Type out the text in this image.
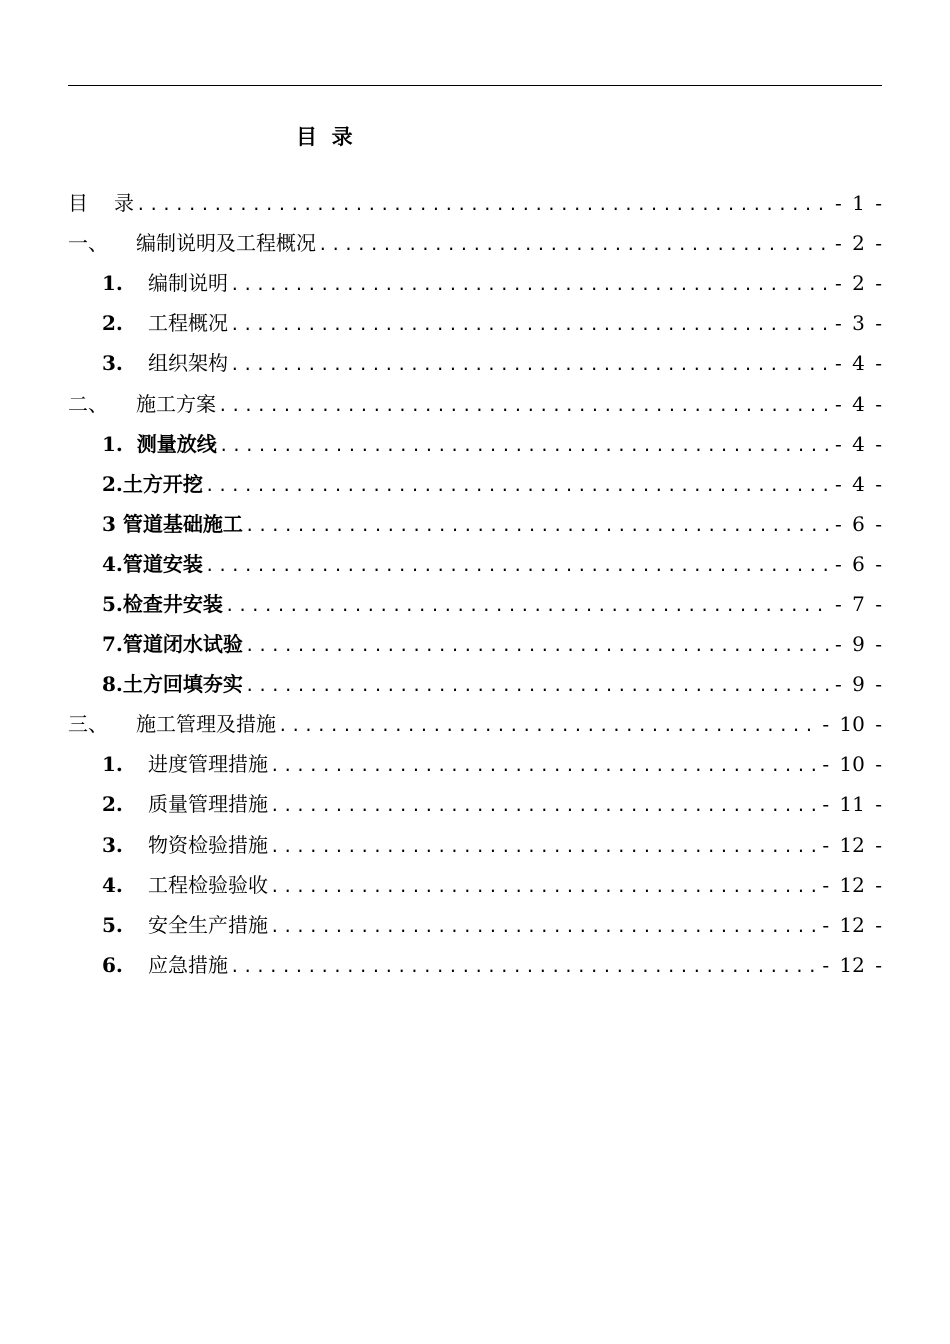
目  录
目	录 .....	- 1 -
一、	编制说明及工程概况 .....	- 2 -
1.	编制说明 .....	- 2 -
2.	工程概况 .....	- 3 -
3.	组织架构 .....	- 4 -
二、	施工方案 .....	- 4 -
1.  测量放线 .....	- 4 -
2.土方开挖 .....	- 4 -
3 管道基础施工 .....	- 6 -
4.管道安装 .....	- 6 -
5.检查井安装 .....	- 7 -
7.管道闭水试验 .....	- 9 -
8.土方回填夯实 .....	- 9 -
三、	施工管理及措施 .....	- 10 -
1.	进度管理措施 .....	- 10 -
2.	质量管理措施 .....	- 11 -
3.	物资检验措施 .....	- 12 -
4.	工程检验验收 .....	- 12 -
5.	安全生产措施 .....	- 12 -
6.	应急措施 .....	- 12 -
